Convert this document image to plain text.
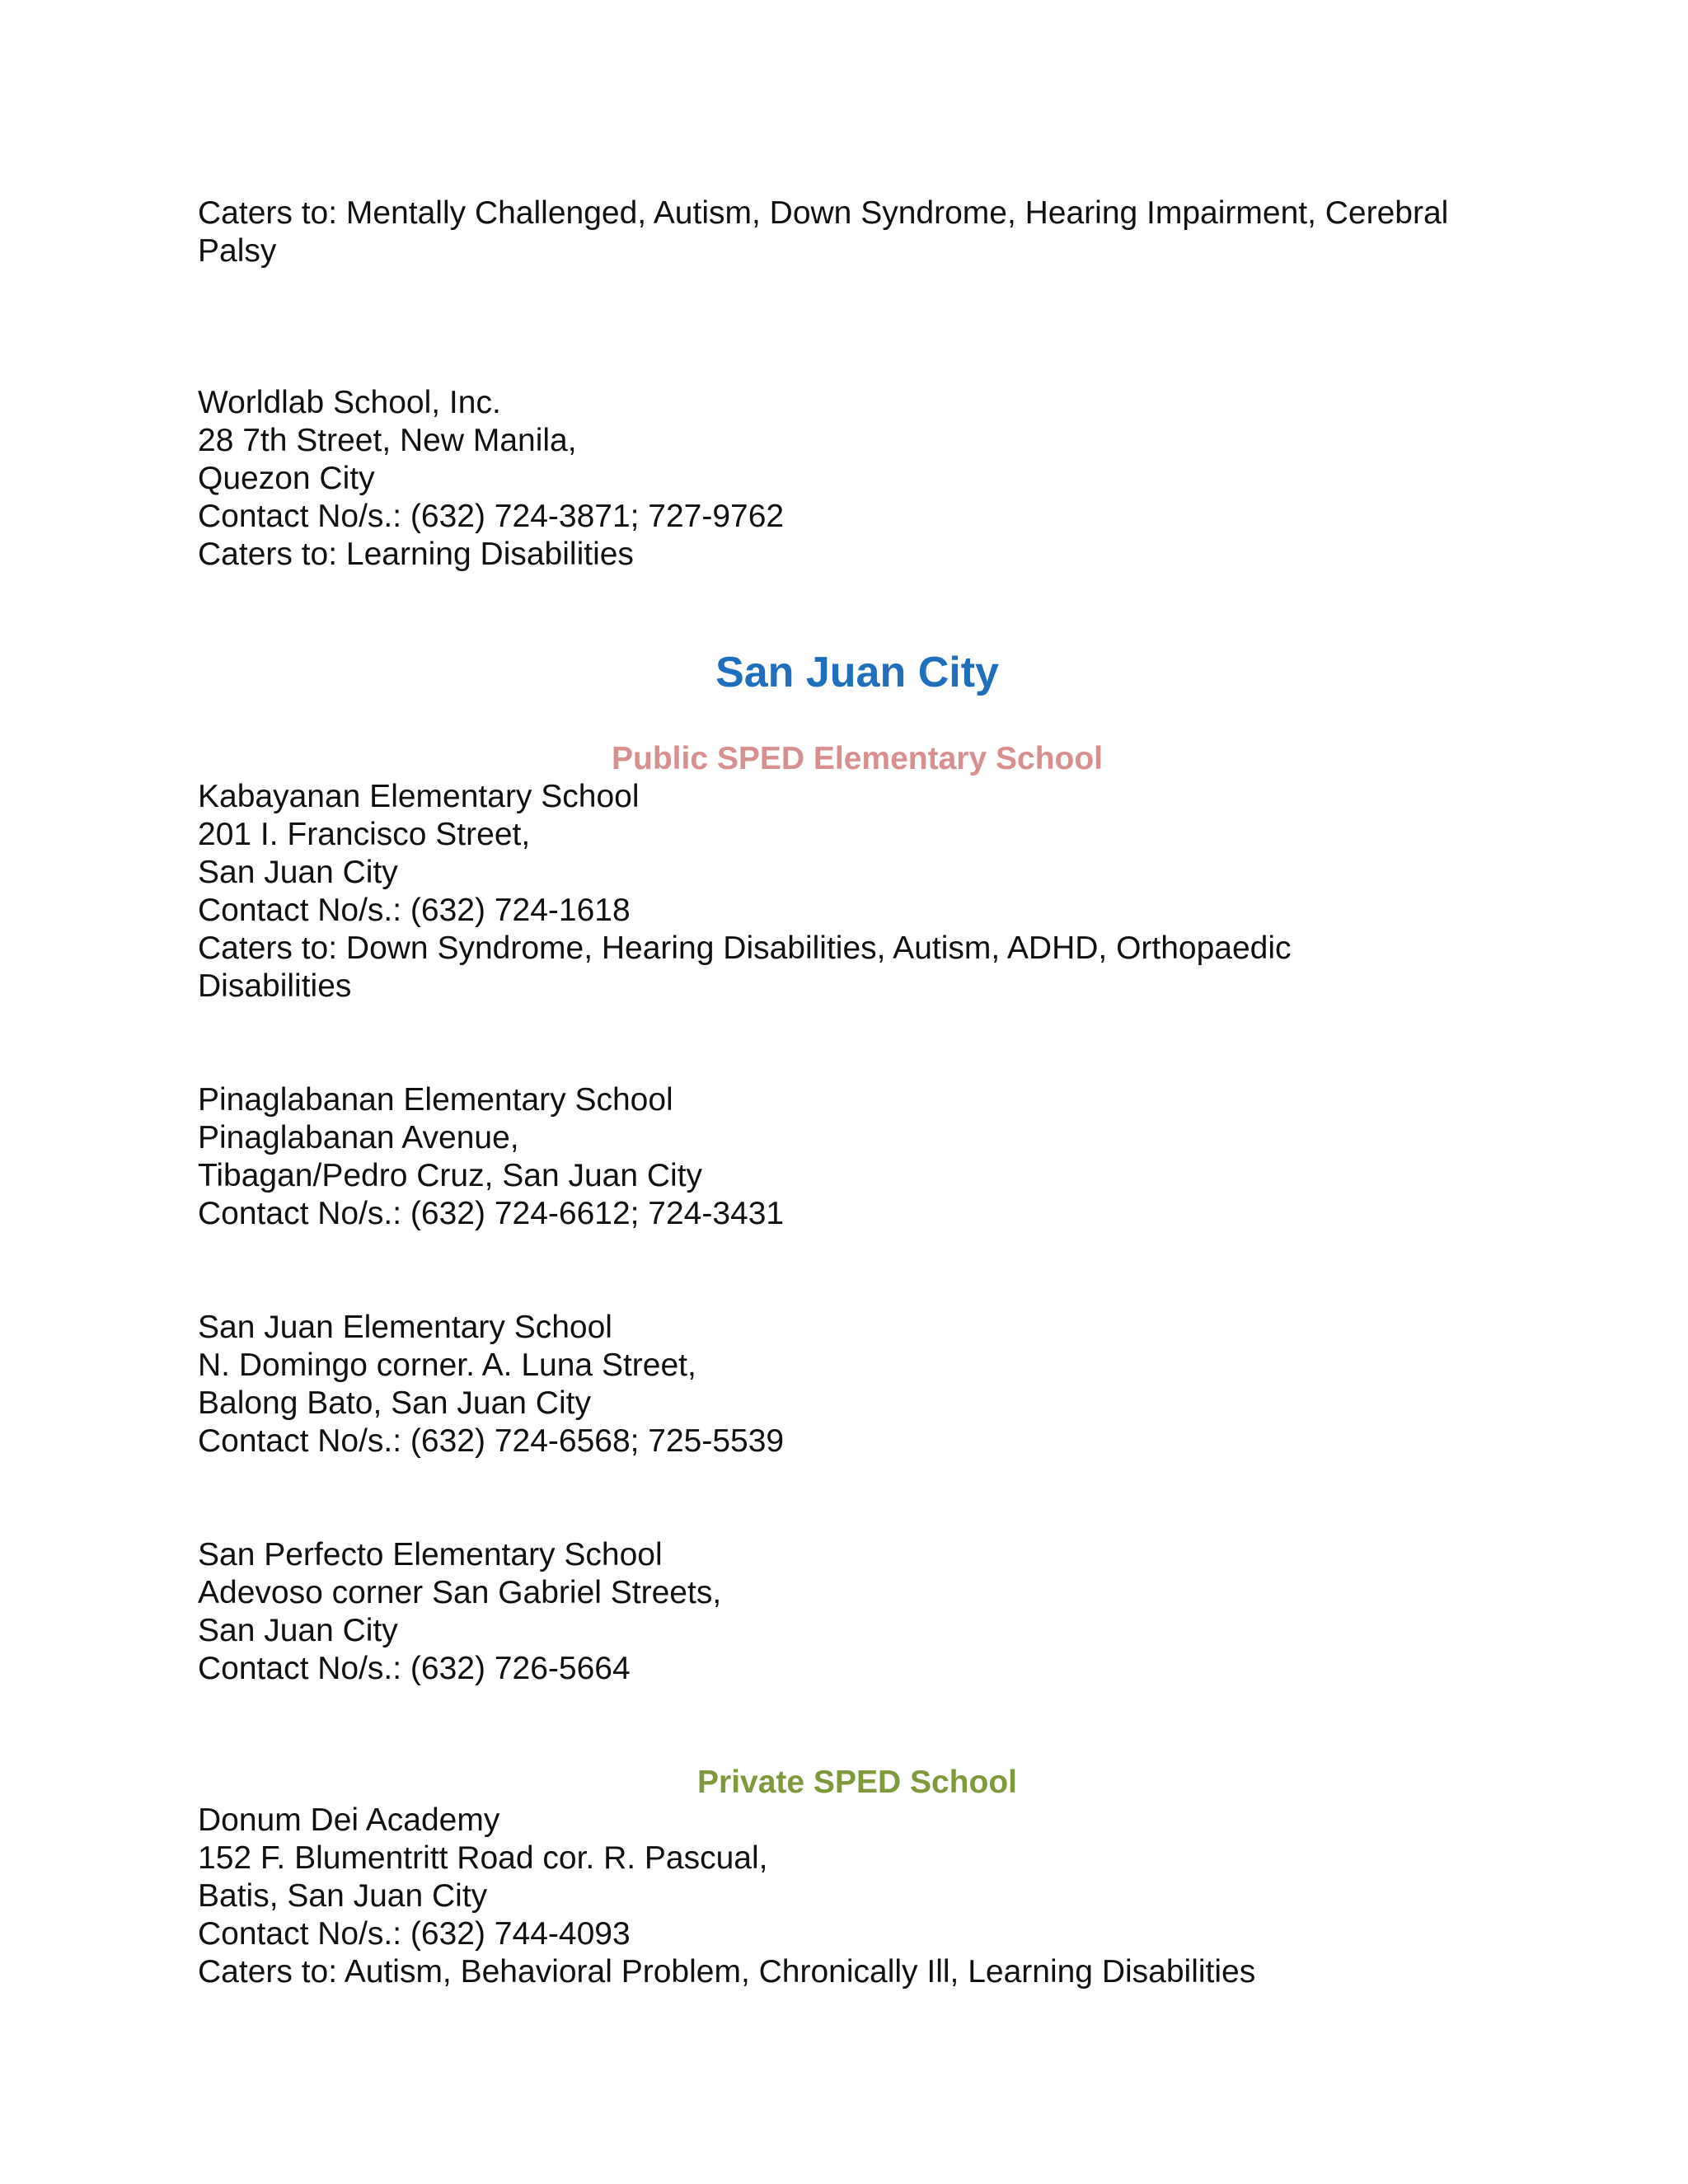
Caters to: Mentally Challenged, Autism, Down Syndrome, Hearing Impairment, Cerebral Palsy
Worldlab School, Inc.
28 7th Street, New Manila,
Quezon City
Contact No/s.: (632) 724-3871; 727-9762
Caters to: Learning Disabilities
San Juan City
Public SPED Elementary School
Kabayanan Elementary School
201 I. Francisco Street,
San Juan City
Contact No/s.: (632) 724-1618
Caters to: Down Syndrome, Hearing Disabilities, Autism, ADHD, Orthopaedic Disabilities
Pinaglabanan Elementary School
Pinaglabanan Avenue,
Tibagan/Pedro Cruz, San Juan City
Contact No/s.: (632) 724-6612; 724-3431
San Juan Elementary School
N. Domingo corner. A. Luna Street,
Balong Bato, San Juan City
Contact No/s.: (632) 724-6568; 725-5539
San Perfecto Elementary School
Adevoso corner San Gabriel Streets,
San Juan City
Contact No/s.: (632) 726-5664
Private SPED School
Donum Dei Academy
152 F. Blumentritt Road cor. R. Pascual,
Batis, San Juan City
Contact No/s.: (632) 744-4093
Caters to: Autism, Behavioral Problem, Chronically Ill, Learning Disabilities
